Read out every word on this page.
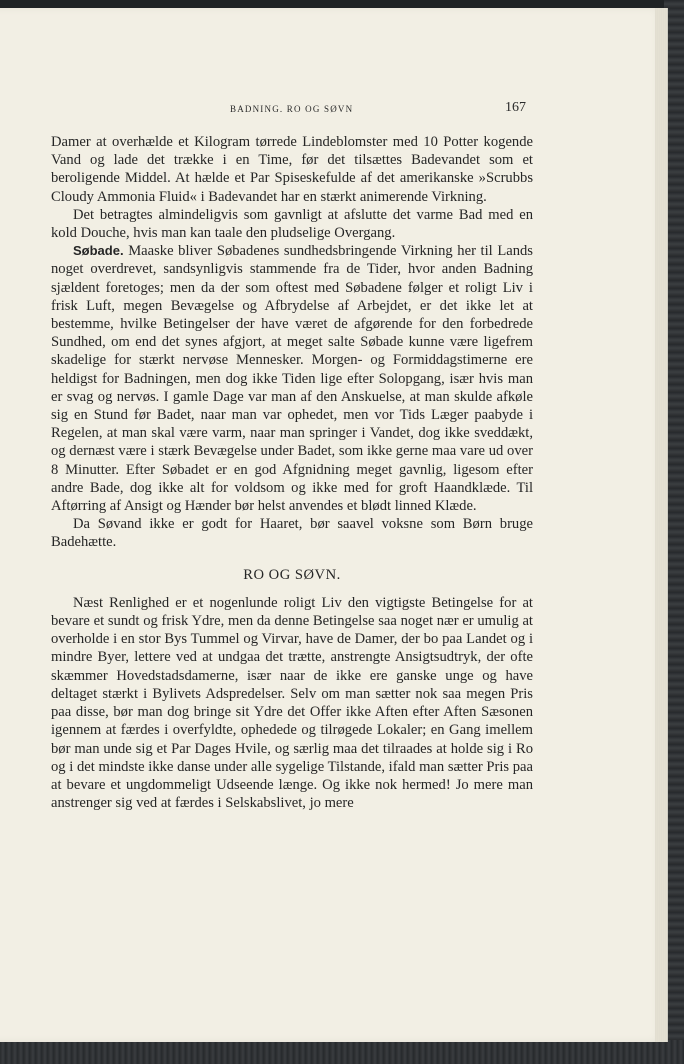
BADNING. RO OG SØVN	167

Damer at overhælde et Kilogram tørrede Lindeblomster med 10 Potter kogende Vand og lade det trække i en Time, før det tilsættes Badevandet som et beroligende Middel. At hælde et Par Spiseskefulde af det amerikanske »Scrubbs Cloudy Ammonia Fluid« i Badevandet har en stærkt animerende Virkning.

Det betragtes almindeligvis som gavnligt at afslutte det varme Bad med en kold Douche, hvis man kan taale den pludselige Overgang.

Søbade. Maaske bliver Søbadenes sundhedsbringende Virkning her til Lands noget overdrevet, sandsynligvis stammende fra de Tider, hvor anden Badning sjældent foretoges; men da der som oftest med Søbadene følger et roligt Liv i frisk Luft, megen Bevægelse og Afbrydelse af Arbejdet, er det ikke let at bestemme, hvilke Betingelser der have været de afgørende for den forbedrede Sundhed, om end det synes afgjort, at meget salte Søbade kunne være ligefrem skadelige for stærkt nervøse Mennesker. Morgen- og Formiddagstimerne ere heldigst for Badningen, men dog ikke Tiden lige efter Solopgang, især hvis man er svag og nervøs. I gamle Dage var man af den Anskuelse, at man skulde afkøle sig en Stund før Badet, naar man var ophedet, men vor Tids Læger paabyde i Regelen, at man skal være varm, naar man springer i Vandet, dog ikke sveddækt, og dernæst være i stærk Bevægelse under Badet, som ikke gerne maa vare ud over 8 Minutter. Efter Søbadet er en god Afgnidning meget gavnlig, ligesom efter andre Bade, dog ikke alt for voldsom og ikke med for groft Haandklæde. Til Aftørring af Ansigt og Hænder bør helst anvendes et blødt linned Klæde.

Da Søvand ikke er godt for Haaret, bør saavel voksne som Børn bruge Badehætte.

RO OG SØVN.

Næst Renlighed er et nogenlunde roligt Liv den vigtigste Betingelse for at bevare et sundt og frisk Ydre, men da denne Betingelse saa noget nær er umulig at overholde i en stor Bys Tummel og Virvar, have de Damer, der bo paa Landet og i mindre Byer, lettere ved at undgaa det trætte, anstrengte Ansigtsudtryk, der ofte skæmmer Hovedstadsdamerne, især naar de ikke ere ganske unge og have deltaget stærkt i Bylivets Adspredelser. Selv om man sætter nok saa megen Pris paa disse, bør man dog bringe sit Ydre det Offer ikke Aften efter Aften Sæsonen igennem at færdes i overfyldte, ophedede og tilrøgede Lokaler; en Gang imellem bør man unde sig et Par Dages Hvile, og særlig maa det tilraades at holde sig i Ro og i det mindste ikke danse under alle sygelige Tilstande, ifald man sætter Pris paa at bevare et ungdommeligt Udseende længe. Og ikke nok hermed! Jo mere man anstrenger sig ved at færdes i Selskabslivet, jo mere
